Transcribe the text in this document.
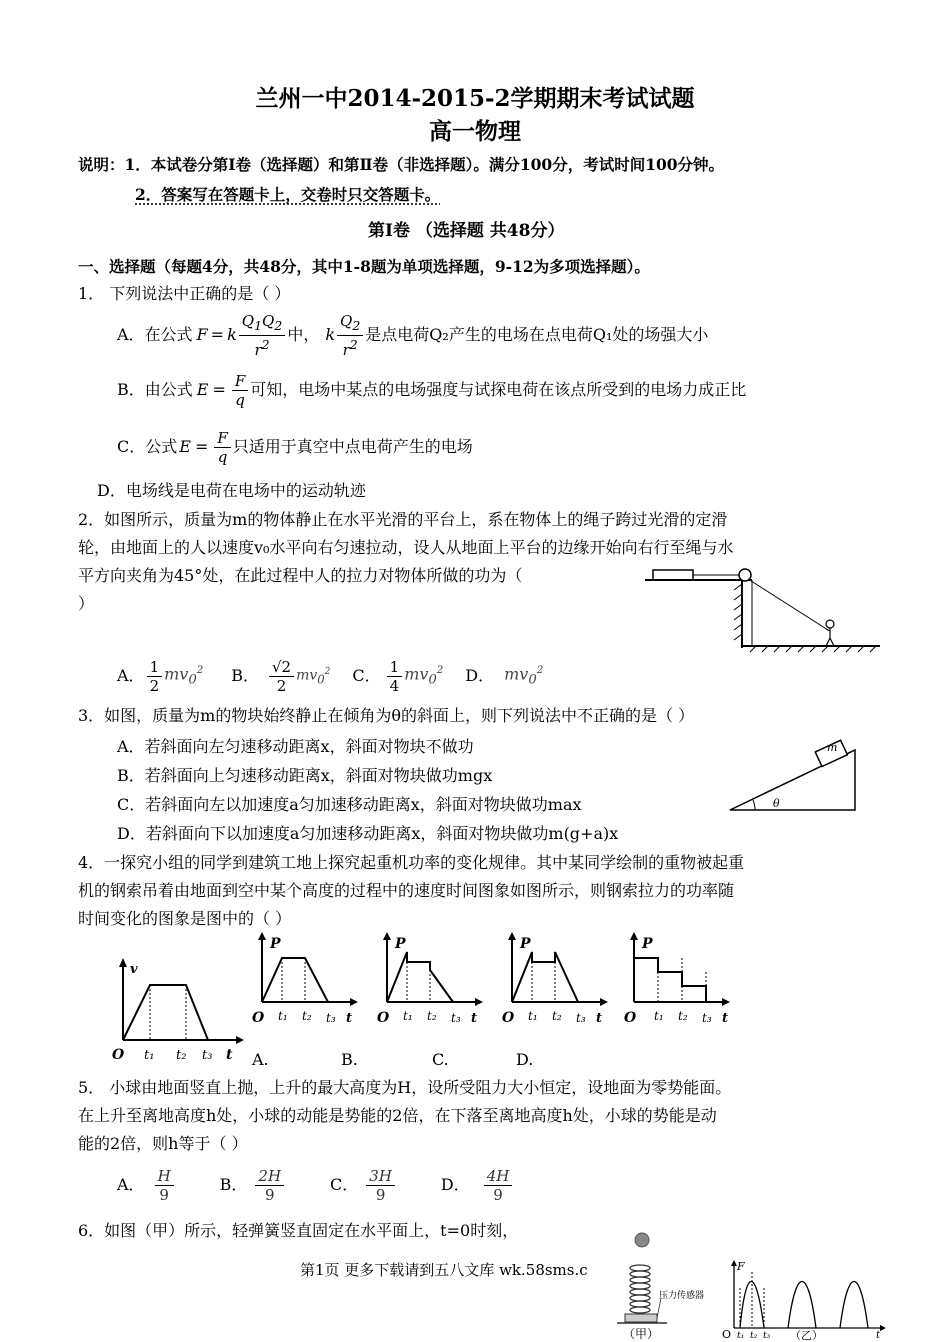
兰州一中2014-2015-2学期期末考试试题
高一物理
说明：1．本试卷分第Ⅰ卷（选择题）和第Ⅱ卷（非选择题）。满分100分，考试时间100分钟。
2．答案写在答题卡上，交卷时只交答题卡。
第Ⅰ卷 （选择题 共48分）
一、选择题（每题4分，共48分，其中1-8题为单项选择题，9-12为多项选择题）。
1． 下列说法中正确的是（ ）
A．在公式 F = k $\frac{Q_1Q_2}{r^2}$ 中， k $\frac{Q_2}{r^2}$ 是点电荷Q₂产生的电场在点电荷Q₁处的场强大小
B．由公式 $E = \frac{F}{q}$ 可知，电场中某点的电场强度与试探电荷在该点所受到的电场力成正比
C．公式 $E = \frac{F}{q}$ 只适用于真空中点电荷产生的电场
D．电场线是电荷在电场中的运动轨迹
2．如图所示，质量为m的物体静止在水平光滑的平台上，系在物体上的绳子跨过光滑的定滑
轮，由地面上的人以速度v₀水平向右匀速拉动，设人从地面上平台的边缘开始向右行至绳与水
平方向夹角为45°处，在此过程中人的拉力对物体所做的功为（
）
A． $\frac{1}{2} mv_0^2$ B． $\frac{√2}{2} mv_0^2$ C． $\frac{1}{4} mv_0^2$ D． $mv_0^2$
3．如图，质量为m的物块始终静止在倾角为θ的斜面上，则下列说法中不正确的是（ ）
A．若斜面向左匀速移动距离x，斜面对物块不做功
B．若斜面向上匀速移动距离x，斜面对物块做功mgx
C．若斜面向左以加速度a匀加速移动距离x，斜面对物块做功max
D．若斜面向下以加速度a匀加速移动距离x，斜面对物块做功m(g+a)x
m
θ
4．一探究小组的同学到建筑工地上探究起重机功率的变化规律。其中某同学绘制的重物被起重
机的钢索吊着由地面到空中某个高度的过程中的速度时间图象如图所示，则钢索拉力的功率随
时间变化的图象是图中的（ ）
v
O t₁ t₂ t₃ t
P
O t₁ t₂ t₃ t
P
O t₁ t₂ t₃ t
P
O t₁ t₂ t₃ t
P
O t₁ t₂ t₃ t
A.	B.	C.	D.
5． 小球由地面竖直上抛，上升的最大高度为H，设所受阻力大小恒定，设地面为零势能面。
在上升至离地高度h处，小球的动能是势能的2倍，在下落至离地高度h处，小球的势能是动
能的2倍，则h等于（ ）
A． $\frac{H}{9}$	B． $\frac{2H}{9}$	C． $\frac{3H}{9}$	D． $\frac{4H}{9}$
6．如图（甲）所示，轻弹簧竖直固定在水平面上，t=0时刻，
压力传感器
（甲）
F
O t₁ t₂ t₃ （乙）	t
第1页 更多下载请到五八文库 wk.58sms.c
